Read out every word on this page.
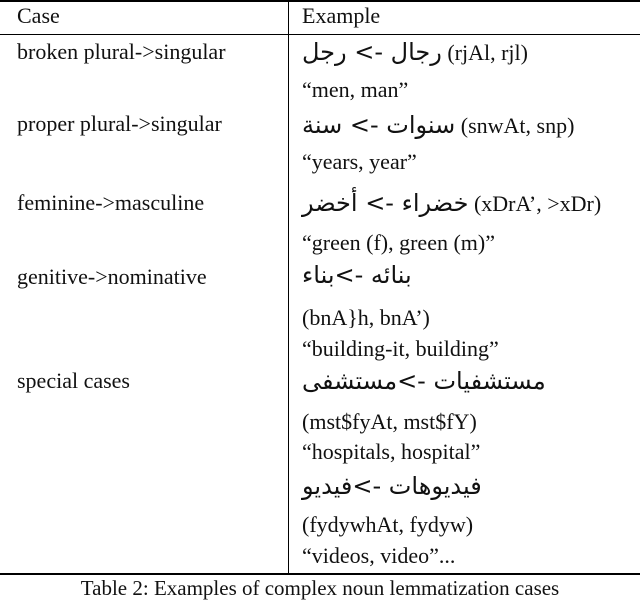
Case	Example
broken plural->singular	رجال -> رجل (rjAl, rjl)
“men, man”
proper plural->singular	سنوات -> سنة (snwAt, snp)
“years, year”
feminine->masculine	خضراء -> أخضر (xDrA’, >xDr)
“green (f), green (m)”
genitive->nominative	بنائه ->بناء
(bnA}h, bnA’)
“building-it, building”
special cases	مستشفيات ->مستشفى
(mst$fyAt, mst$fY)
“hospitals, hospital”
فيديوهات ->فيديو
(fydywhAt, fydyw)
“videos, video”...
Table 2: Examples of complex noun lemmatization cases
